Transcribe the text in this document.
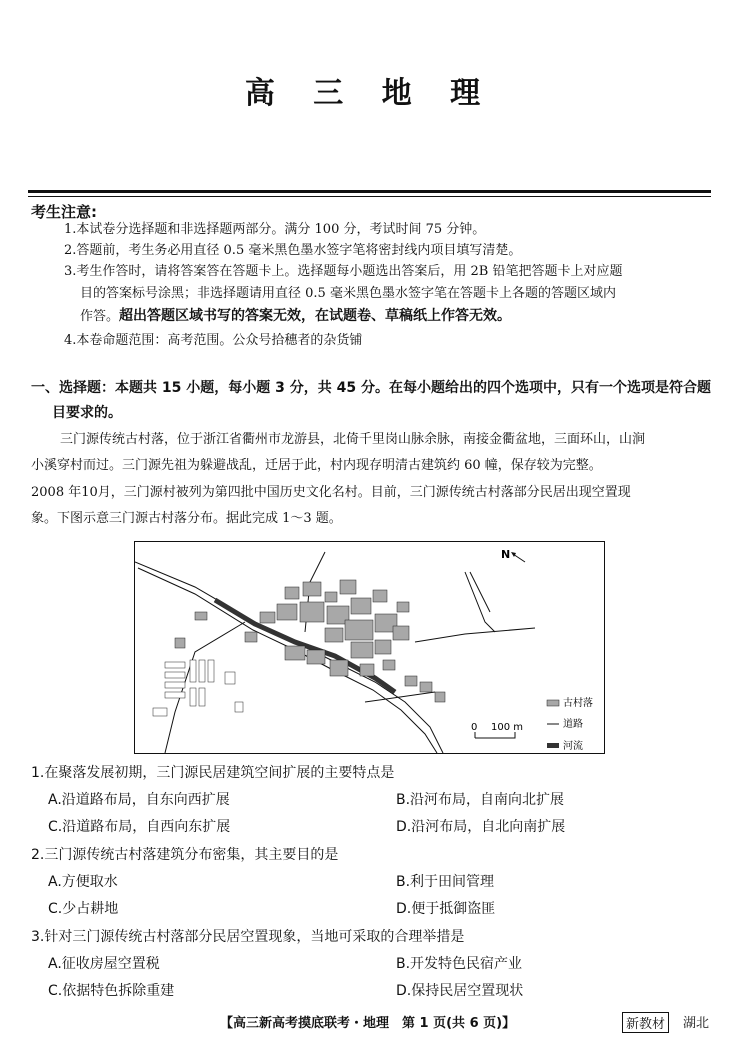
高 三 地 理
考生注意:
1.本试卷分选择题和非选择题两部分。满分 100 分，考试时间 75 分钟。
2.答题前，考生务必用直径 0.5 毫米黑色墨水签字笔将密封线内项目填写清楚。
3.考生作答时，请将答案答在答题卡上。选择题每小题选出答案后，用 2B 铅笔把答题卡上对应题
目的答案标号涂黑；非选择题请用直径 0.5 毫米黑色墨水签字笔在答题卡上各题的答题区域内
作答。超出答题区域书写的答案无效，在试题卷、草稿纸上作答无效。
4.本卷命题范围：高考范围。公众号拾穗者的杂货铺
一、选择题：本题共 15 小题，每小题 3 分，共 45 分。在每小题给出的四个选项中，只有一个选项是符合题
目要求的。
三门源传统古村落，位于浙江省衢州市龙游县，北倚千里岗山脉余脉，南接金衢盆地，三面环山，山涧
小溪穿村而过。三门源先祖为躲避战乱，迁居于此，村内现存明清古建筑约 60 幢，保存较为完整。
2008 年10月，三门源村被列为第四批中国历史文化名村。目前，三门源传统古村落部分民居出现空置现
象。下图示意三门源古村落分布。据此完成 1～3 题。
N
0 100 m
古村落
道路
河流
1.在聚落发展初期，三门源民居建筑空间扩展的主要特点是
A.沿道路布局，自东向西扩展	B.沿河布局，自南向北扩展
C.沿道路布局，自西向东扩展	D.沿河布局，自北向南扩展
2.三门源传统古村落建筑分布密集，其主要目的是
A.方便取水	B.利于田间管理
C.少占耕地	D.便于抵御盗匪
3.针对三门源传统古村落部分民居空置现象，当地可采取的合理举措是
A.征收房屋空置税	B.开发特色民宿产业
C.依据特色拆除重建	D.保持民居空置现状
【高三新高考摸底联考・地理　第 1 页(共 6 页)】	新教材	湖北
